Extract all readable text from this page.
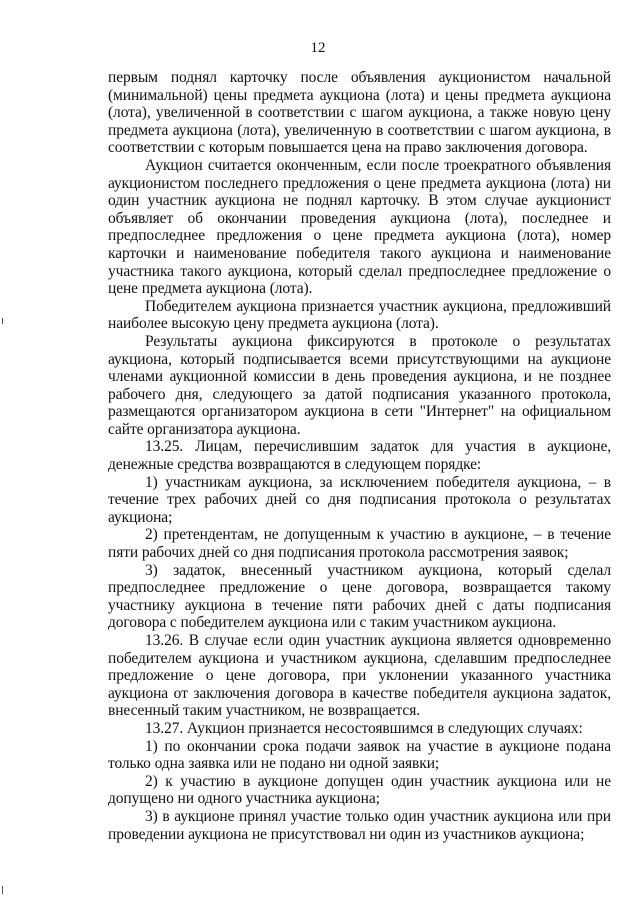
12

первым поднял карточку после объявления аукционистом начальной (минимальной) цены предмета аукциона (лота) и цены предмета аукциона (лота), увеличенной в соответствии с шагом аукциона, а также новую цену предмета аукциона (лота), увеличенную в соответствии с шагом аукциона, в соответствии с которым повышается цена на право заключения договора.

Аукцион считается оконченным, если после троекратного объявления аукционистом последнего предложения о цене предмета аукциона (лота) ни один участник аукциона не поднял карточку. В этом случае аукционист объявляет об окончании проведения аукциона (лота), последнее и предпоследнее предложения о цене предмета аукциона (лота), номер карточки и наименование победителя такого аукциона и наименование участника такого аукциона, который сделал предпоследнее предложение о цене предмета аукциона (лота).

Победителем аукциона признается участник аукциона, предложивший наиболее высокую цену предмета аукциона (лота).

Результаты аукциона фиксируются в протоколе о результатах аукциона, который подписывается всеми присутствующими на аукционе членами аукционной комиссии в день проведения аукциона, и не позднее рабочего дня, следующего за датой подписания указанного протокола, размещаются организатором аукциона в сети "Интернет" на официальном сайте организатора аукциона.

13.25. Лицам, перечислившим задаток для участия в аукционе, денежные средства возвращаются в следующем порядке:

1) участникам аукциона, за исключением победителя аукциона, – в течение трех рабочих дней со дня подписания протокола о результатах аукциона;

2) претендентам, не допущенным к участию в аукционе, – в течение пяти рабочих дней со дня подписания протокола рассмотрения заявок;

3) задаток, внесенный участником аукциона, который сделал предпоследнее предложение о цене договора, возвращается такому участнику аукциона в течение пяти рабочих дней с даты подписания договора с победителем аукциона или с таким участником аукциона.

13.26. В случае если один участник аукциона является одновременно победителем аукциона и участником аукциона, сделавшим предпоследнее предложение о цене договора, при уклонении указанного участника аукциона от заключения договора в качестве победителя аукциона задаток, внесенный таким участником, не возвращается.

13.27. Аукцион признается несостоявшимся в следующих случаях:

1) по окончании срока подачи заявок на участие в аукционе подана только одна заявка или не подано ни одной заявки;

2) к участию в аукционе допущен один участник аукциона или не допущено ни одного участника аукциона;

3) в аукционе принял участие только один участник аукциона или при проведении аукциона не присутствовал ни один из участников аукциона;
